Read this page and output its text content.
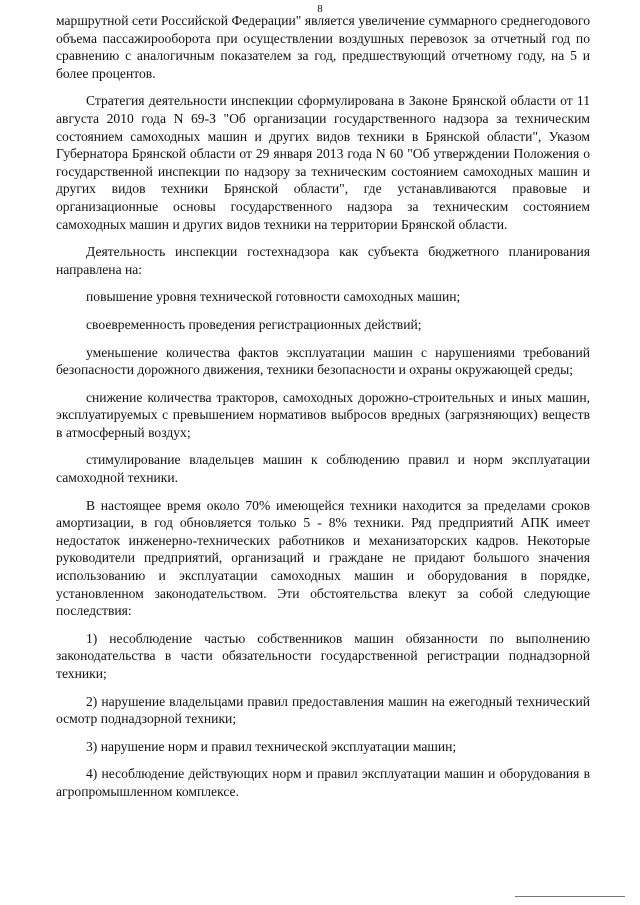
8

маршрутной сети Российской Федерации" является увеличение суммарного среднегодового объема пассажирооборота при осуществлении воздушных перевозок за отчетный год по сравнению с аналогичным показателем за год, предшествующий отчетному году, на 5 и более процентов.

Стратегия деятельности инспекции сформулирована в Законе Брянской области от 11 августа 2010 года N 69-З "Об организации государственного надзора за техническим состоянием самоходных машин и других видов техники в Брянской области", Указом Губернатора Брянской области от 29 января 2013 года N 60 "Об утверждении Положения о государственной инспекции по надзору за техническим состоянием самоходных машин и других видов техники Брянской области", где устанавливаются правовые и организационные основы государственного надзора за техническим состоянием самоходных машин и других видов техники на территории Брянской области.

Деятельность инспекции гостехнадзора как субъекта бюджетного планирования направлена на:

повышение уровня технической готовности самоходных машин;

своевременность проведения регистрационных действий;

уменьшение количества фактов эксплуатации машин с нарушениями требований безопасности дорожного движения, техники безопасности и охраны окружающей среды;

снижение количества тракторов, самоходных дорожно-строительных и иных машин, эксплуатируемых с превышением нормативов выбросов вредных (загрязняющих) веществ в атмосферный воздух;

стимулирование владельцев машин к соблюдению правил и норм эксплуатации самоходной техники.

В настоящее время около 70% имеющейся техники находится за пределами сроков амортизации, в год обновляется только 5 - 8% техники. Ряд предприятий АПК имеет недостаток инженерно-технических работников и механизаторских кадров. Некоторые руководители предприятий, организаций и граждане не придают большого значения использованию и эксплуатации самоходных машин и оборудования в порядке, установленном законодательством. Эти обстоятельства влекут за собой следующие последствия:

1) несоблюдение частью собственников машин обязанности по выполнению законодательства в части обязательности государственной регистрации поднадзорной техники;

2) нарушение владельцами правил предоставления машин на ежегодный технический осмотр поднадзорной техники;

3) нарушение норм и правил технической эксплуатации машин;

4) несоблюдение действующих норм и правил эксплуатации машин и оборудования в агропромышленном комплексе.
